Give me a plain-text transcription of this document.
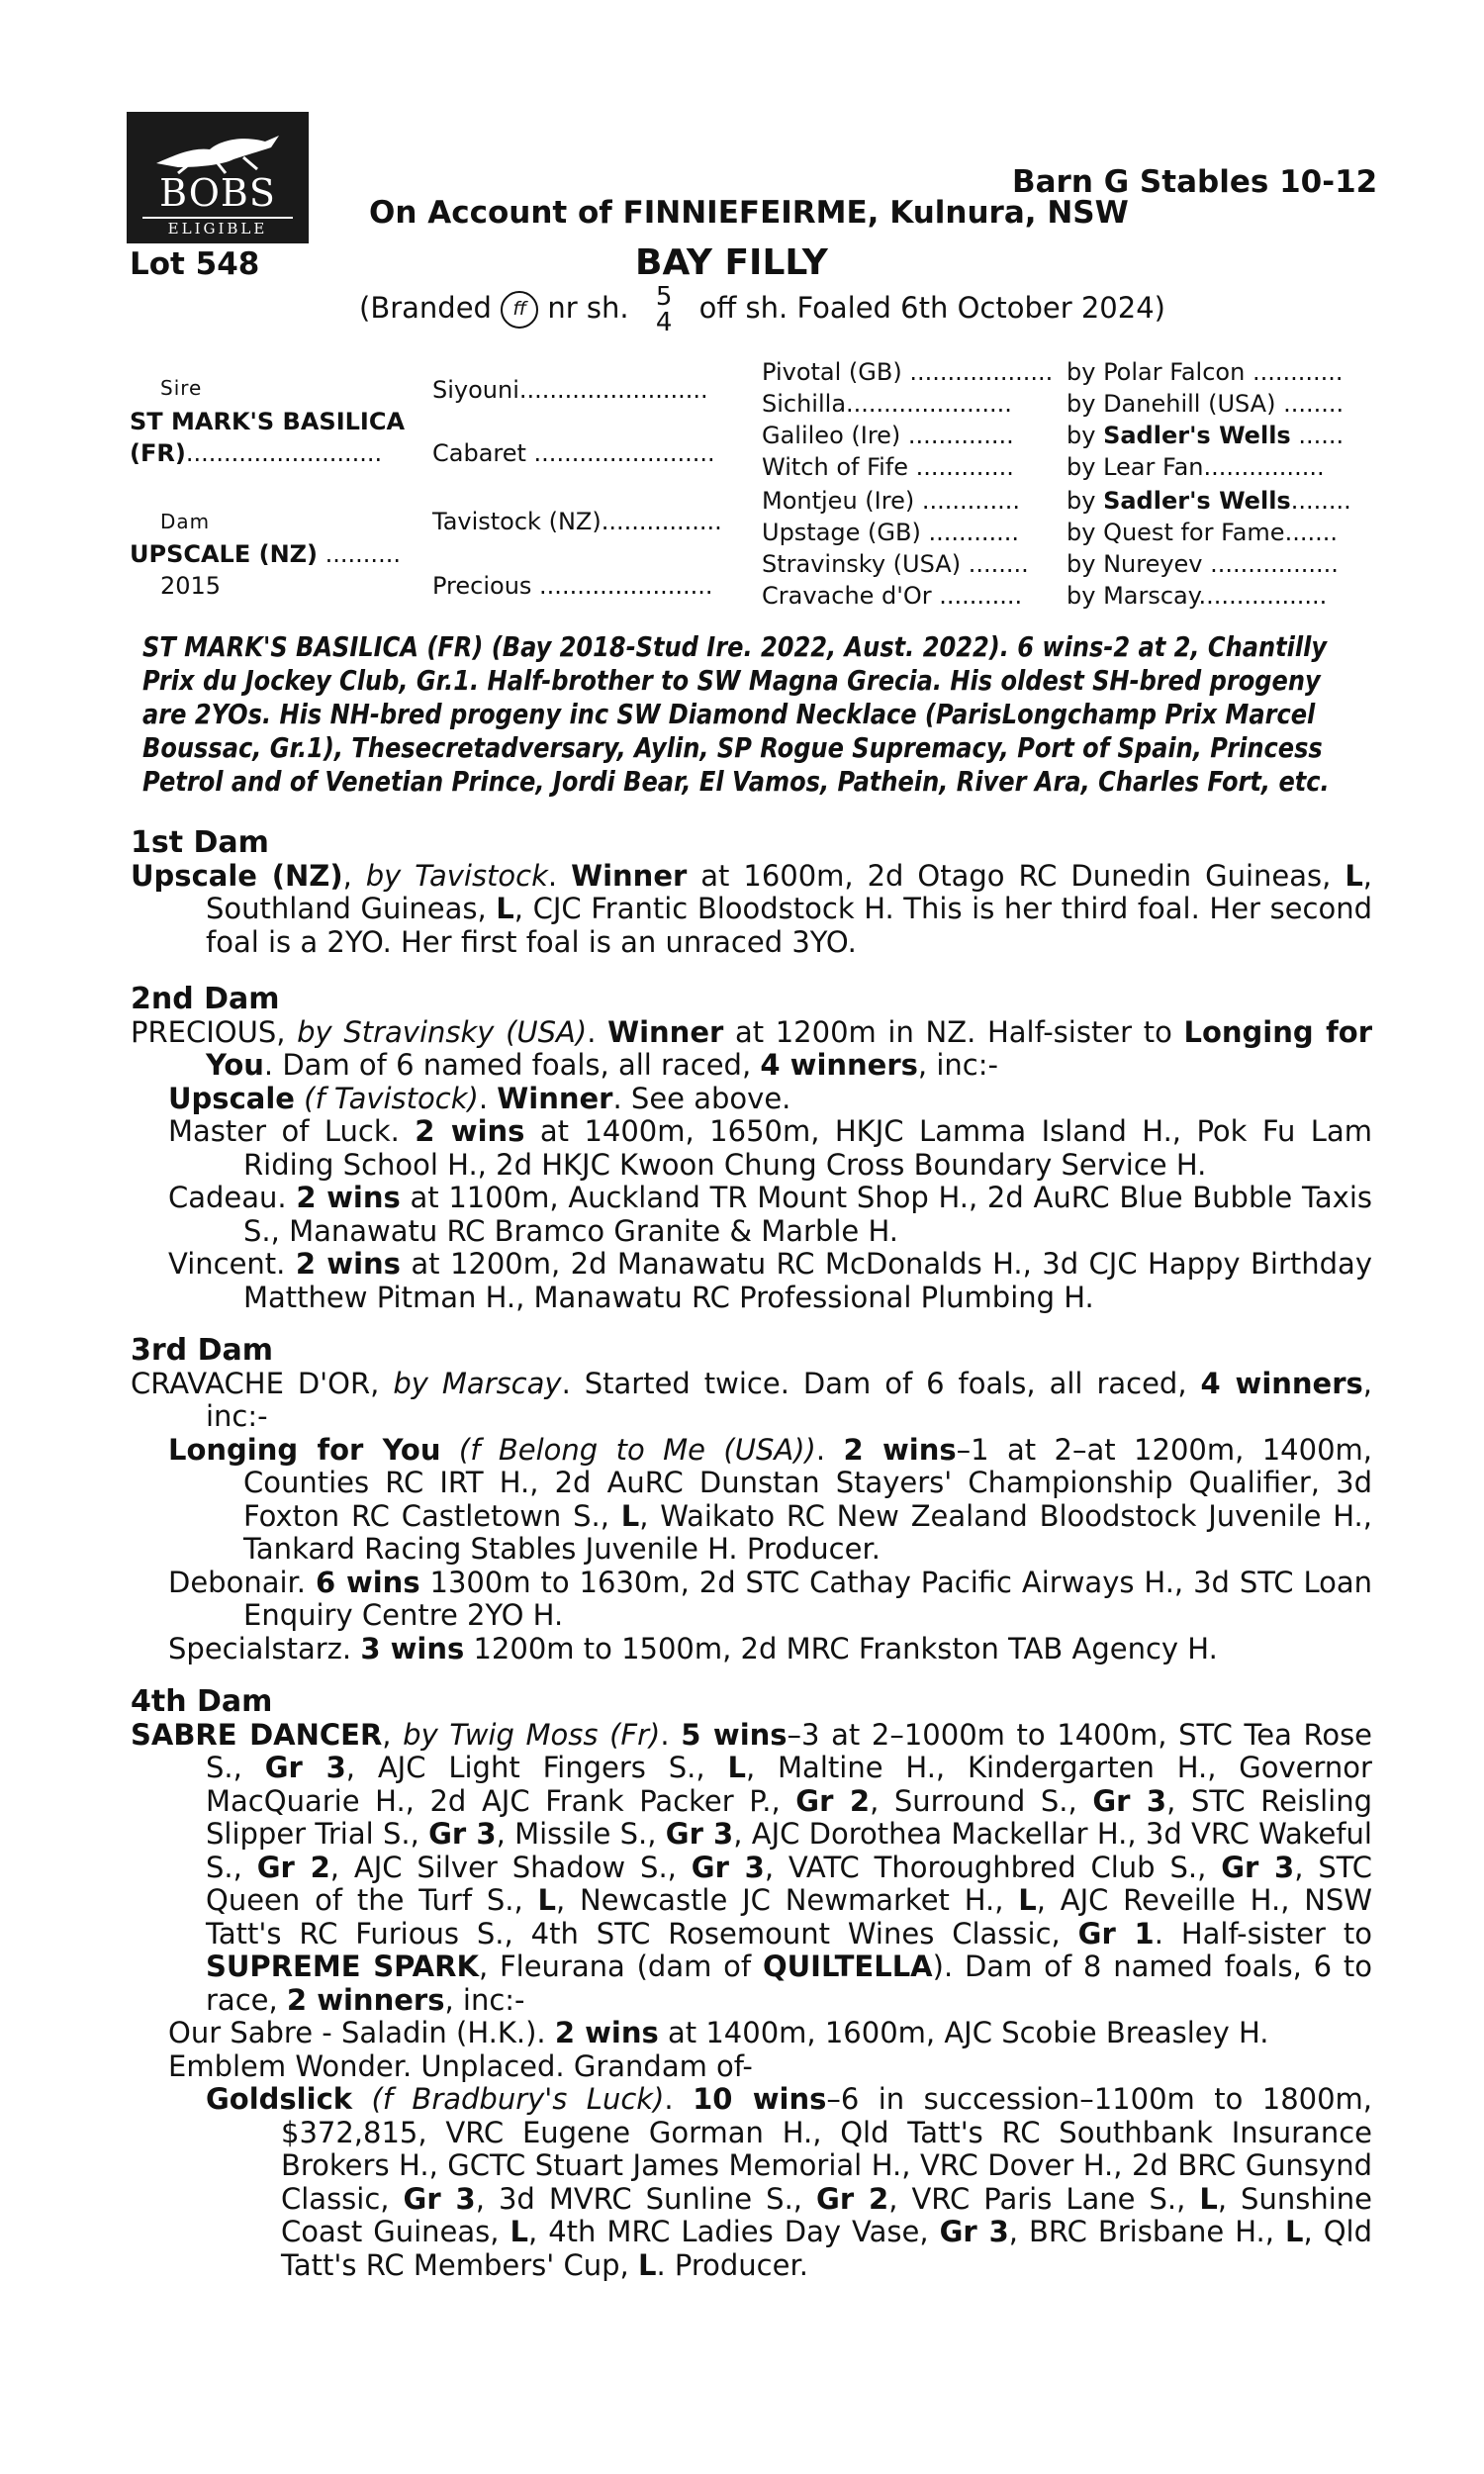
BOBS
ELIGIBLE
Barn G Stables 10-12
On Account of FINNIEFEIRME, Kulnura, NSW
Lot 548	BAY FILLY
(Branded ff nr sh. 5
4 off sh. Foaled 6th October 2024)
Sire
ST MARK'S BASILICA
(FR)..........................
Dam
UPSCALE (NZ) ..........
2015
Siyouni.........................
Cabaret ........................
Tavistock (NZ)................
Precious .......................
Pivotal (GB) ...................
Sichilla......................
Galileo (Ire) ..............
Witch of Fife .............
Montjeu (Ire) .............
Upstage (GB) ............
Stravinsky (USA) ........
Cravache d'Or ...........
by Polar Falcon ............
by Danehill (USA) ........
by Sadler's Wells ......
by Lear Fan................
by Sadler's Wells........
by Quest for Fame.......
by Nureyev .................
by Marscay.................
ST MARK'S BASILICA (FR) (Bay 2018-Stud Ire. 2022, Aust. 2022). 6 wins-2 at 2, Chantilly Prix du Jockey Club, Gr.1. Half-brother to SW Magna Grecia. His oldest SH-bred progeny are 2YOs. His NH-bred progeny inc SW Diamond Necklace (ParisLongchamp Prix Marcel Boussac, Gr.1), Thesecretadversary, Aylin, SP Rogue Supremacy, Port of Spain, Princess Petrol and of Venetian Prince, Jordi Bear, El Vamos, Pathein, River Ara, Charles Fort, etc.

1st Dam

Upscale (NZ), by Tavistock. Winner at 1600m, 2d Otago RC Dunedin Guineas, L, Southland Guineas, L, CJC Frantic Bloodstock H. This is her third foal. Her second foal is a 2YO. Her first foal is an unraced 3YO.

2nd Dam

PRECIOUS, by Stravinsky (USA). Winner at 1200m in NZ. Half-sister to Longing for You. Dam of 6 named foals, all raced, 4 winners, inc:-

Upscale (f Tavistock). Winner. See above.

Master of Luck. 2 wins at 1400m, 1650m, HKJC Lamma Island H., Pok Fu Lam Riding School H., 2d HKJC Kwoon Chung Cross Boundary Service H.

Cadeau. 2 wins at 1100m, Auckland TR Mount Shop H., 2d AuRC Blue Bubble Taxis S., Manawatu RC Bramco Granite & Marble H.

Vincent. 2 wins at 1200m, 2d Manawatu RC McDonalds H., 3d CJC Happy Birthday Matthew Pitman H., Manawatu RC Professional Plumbing H.

3rd Dam

CRAVACHE D'OR, by Marscay. Started twice. Dam of 6 foals, all raced, 4 winners, inc:-

Longing for You (f Belong to Me (USA)). 2 wins–1 at 2–at 1200m, 1400m, Counties RC IRT H., 2d AuRC Dunstan Stayers' Championship Qualifier, 3d Foxton RC Castletown S., L, Waikato RC New Zealand Bloodstock Juvenile H., Tankard Racing Stables Juvenile H. Producer.

Debonair. 6 wins 1300m to 1630m, 2d STC Cathay Pacific Airways H., 3d STC Loan Enquiry Centre 2YO H.

Specialstarz. 3 wins 1200m to 1500m, 2d MRC Frankston TAB Agency H.

4th Dam

SABRE DANCER, by Twig Moss (Fr). 5 wins–3 at 2–1000m to 1400m, STC Tea Rose S., Gr 3, AJC Light Fingers S., L, Maltine H., Kindergarten H., Governor MacQuarie H., 2d AJC Frank Packer P., Gr 2, Surround S., Gr 3, STC Reisling Slipper Trial S., Gr 3, Missile S., Gr 3, AJC Dorothea Mackellar H., 3d VRC Wakeful S., Gr 2, AJC Silver Shadow S., Gr 3, VATC Thoroughbred Club S., Gr 3, STC Queen of the Turf S., L, Newcastle JC Newmarket H., L, AJC Reveille H., NSW Tatt's RC Furious S., 4th STC Rosemount Wines Classic, Gr 1. Half-sister to SUPREME SPARK, Fleurana (dam of QUILTELLA). Dam of 8 named foals, 6 to race, 2 winners, inc:-

Our Sabre - Saladin (H.K.). 2 wins at 1400m, 1600m, AJC Scobie Breasley H.

Emblem Wonder. Unplaced. Grandam of-

Goldslick (f Bradbury's Luck). 10 wins–6 in succession–1100m to 1800m, $372,815, VRC Eugene Gorman H., Qld Tatt's RC Southbank Insurance Brokers H., GCTC Stuart James Memorial H., VRC Dover H., 2d BRC Gunsynd Classic, Gr 3, 3d MVRC Sunline S., Gr 2, VRC Paris Lane S., L, Sunshine Coast Guineas, L, 4th MRC Ladies Day Vase, Gr 3, BRC Brisbane H., L, Qld Tatt's RC Members' Cup, L. Producer.
